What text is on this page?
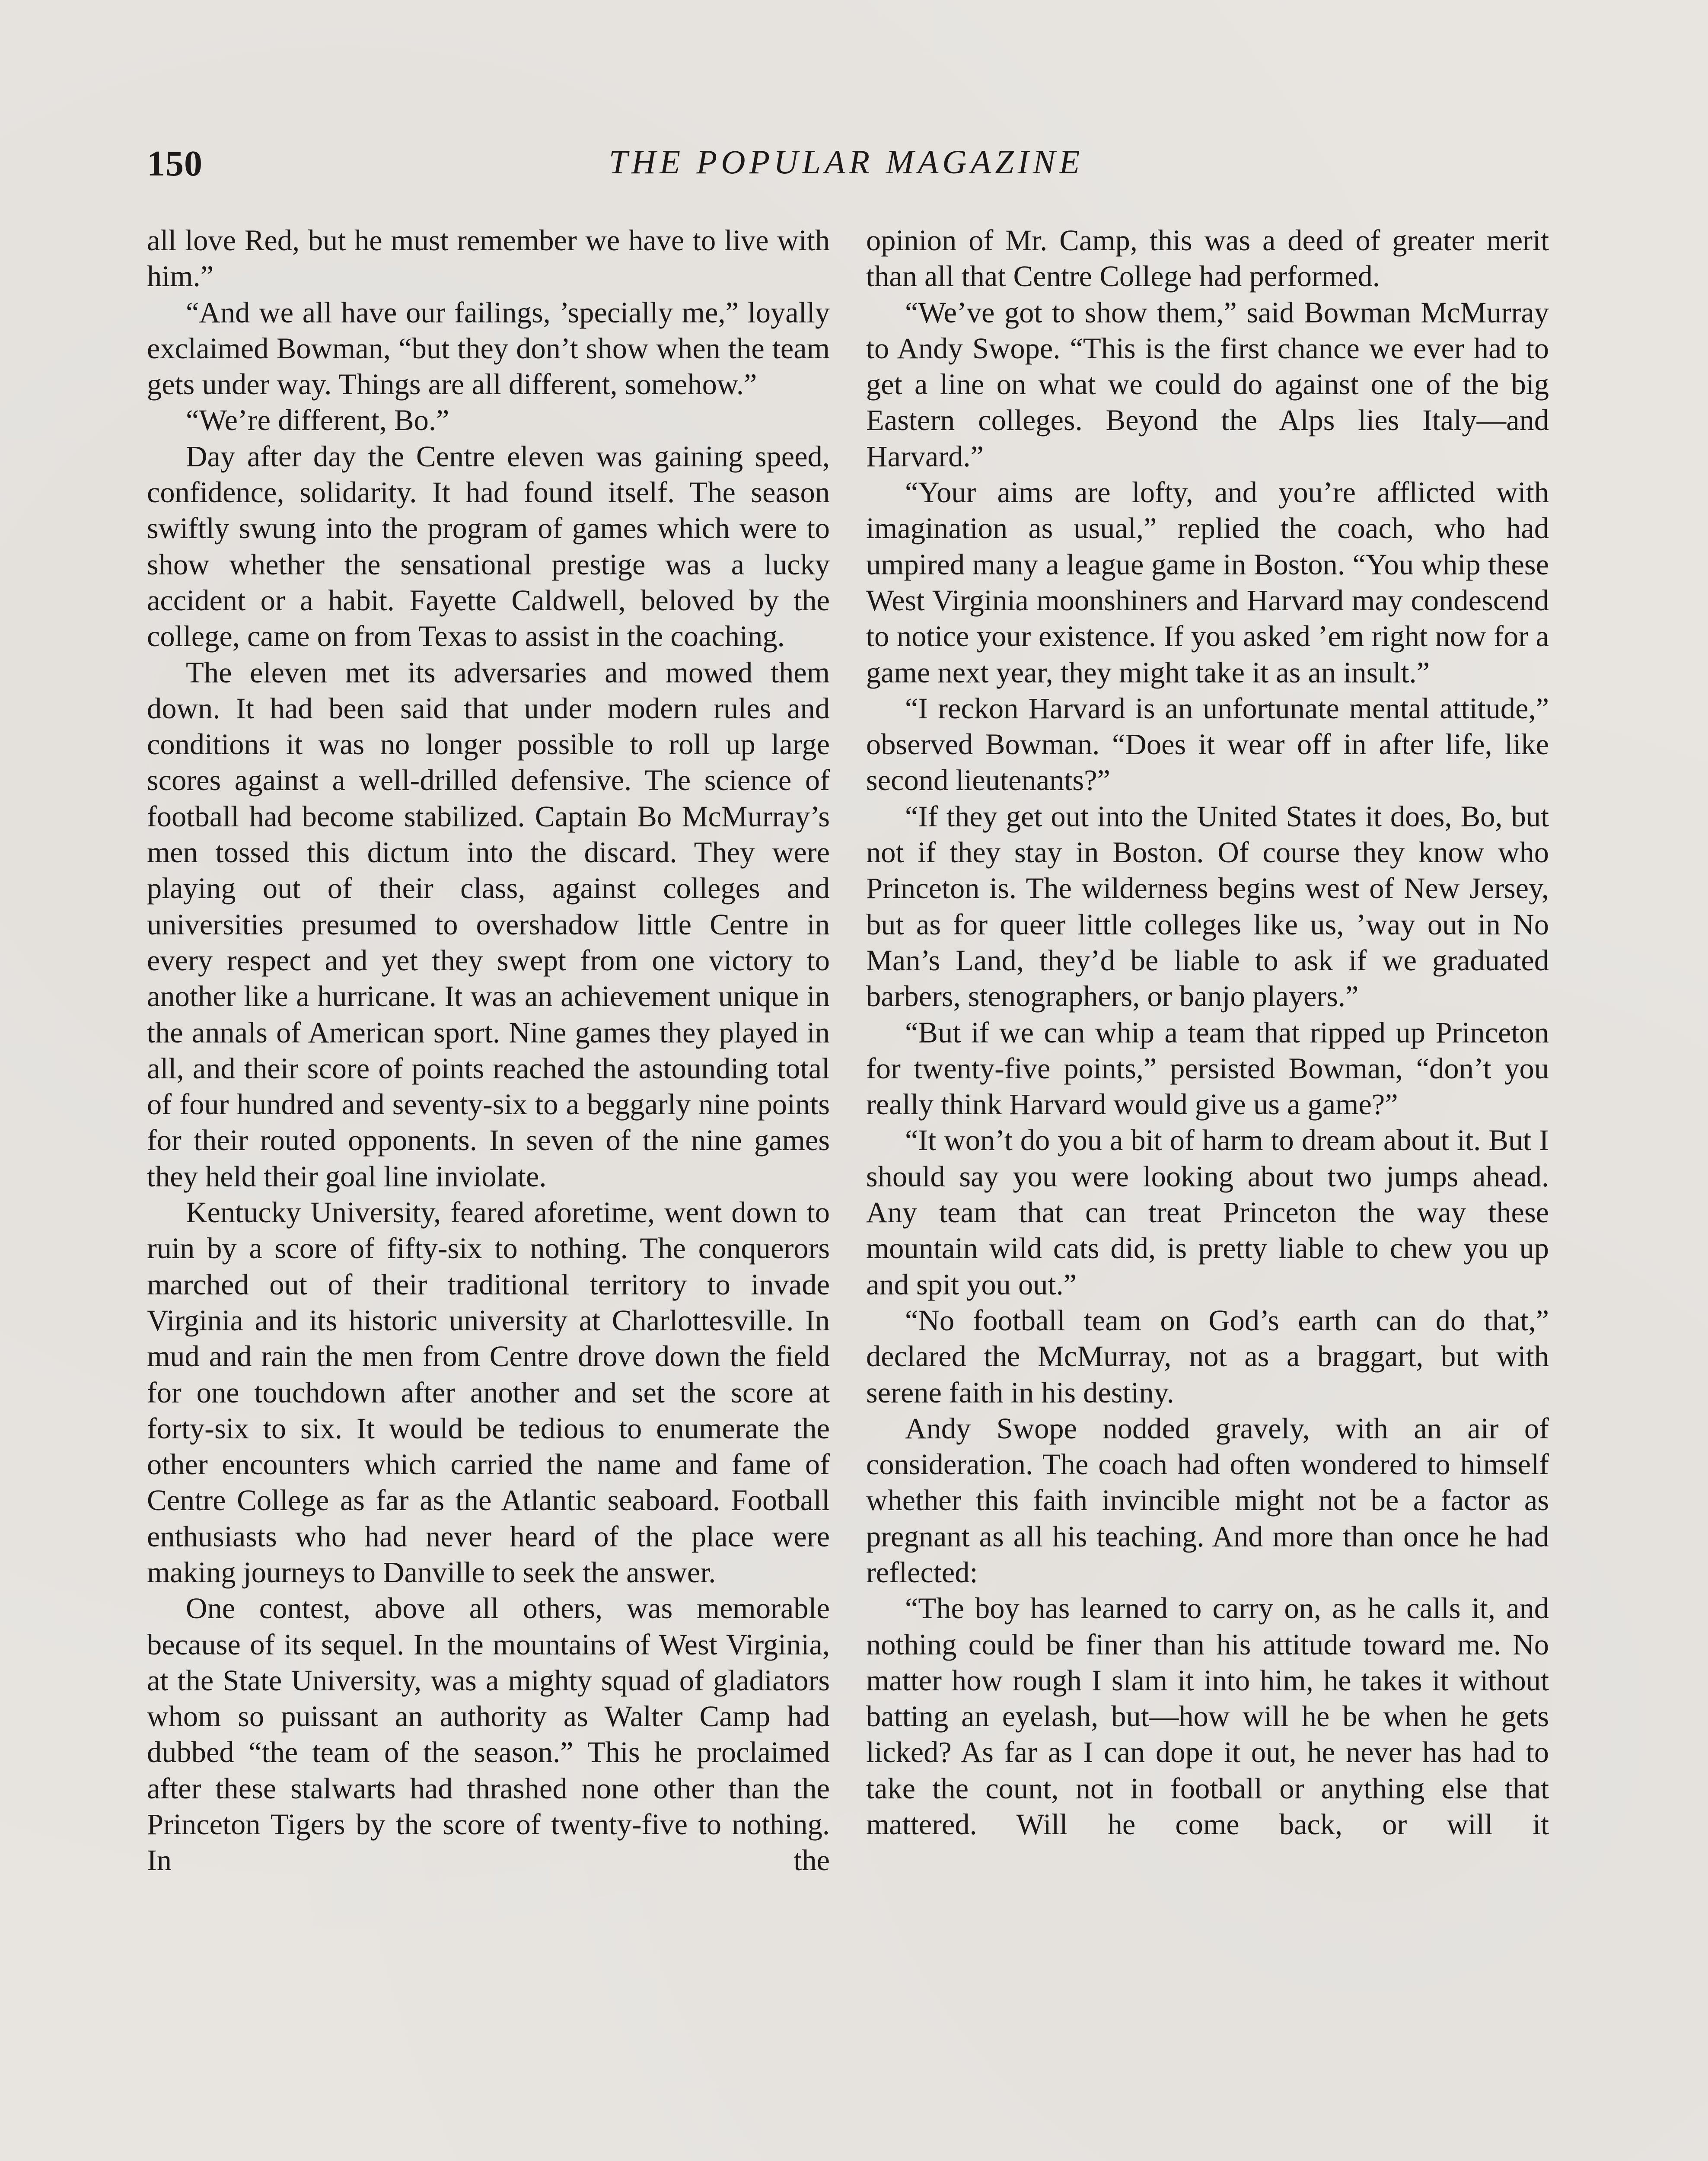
150	THE POPULAR MAGAZINE

all love Red, but he must remember we have to live with him.”

“And we all have our failings, ’specially me,” loyally exclaimed Bowman, “but they don’t show when the team gets under way. Things are all different, somehow.”

“We’re different, Bo.”

Day after day the Centre eleven was gaining speed, confidence, solidarity. It had found itself. The season swiftly swung into the program of games which were to show whether the sensational prestige was a lucky accident or a habit. Fayette Caldwell, beloved by the college, came on from Texas to assist in the coaching.

The eleven met its adversaries and mowed them down. It had been said that under modern rules and conditions it was no longer possible to roll up large scores against a well-drilled defensive. The science of football had become stabilized. Captain Bo McMurray’s men tossed this dictum into the discard. They were playing out of their class, against colleges and universities presumed to overshadow little Centre in every respect and yet they swept from one victory to another like a hurricane. It was an achievement unique in the annals of American sport. Nine games they played in all, and their score of points reached the astounding total of four hundred and seventy-six to a beggarly nine points for their routed opponents. In seven of the nine games they held their goal line inviolate.

Kentucky University, feared aforetime, went down to ruin by a score of fifty-six to nothing. The conquerors marched out of their traditional territory to invade Virginia and its historic university at Charlottesville. In mud and rain the men from Centre drove down the field for one touchdown after another and set the score at forty-six to six. It would be tedious to enumerate the other encounters which carried the name and fame of Centre College as far as the Atlantic seaboard. Football enthusiasts who had never heard of the place were making journeys to Danville to seek the answer.

One contest, above all others, was memorable because of its sequel. In the mountains of West Virginia, at the State University, was a mighty squad of gladiators whom so puissant an authority as Walter Camp had dubbed “the team of the season.” This he proclaimed after these stalwarts had thrashed none other than the Princeton Tigers by the score of twenty-five to nothing. In the

opinion of Mr. Camp, this was a deed of greater merit than all that Centre College had performed.

“We’ve got to show them,” said Bowman McMurray to Andy Swope. “This is the first chance we ever had to get a line on what we could do against one of the big Eastern colleges. Beyond the Alps lies Italy—and Harvard.”

“Your aims are lofty, and you’re afflicted with imagination as usual,” replied the coach, who had umpired many a league game in Boston. “You whip these West Virginia moonshiners and Harvard may condescend to notice your existence. If you asked ’em right now for a game next year, they might take it as an insult.”

“I reckon Harvard is an unfortunate mental attitude,” observed Bowman. “Does it wear off in after life, like second lieutenants?”

“If they get out into the United States it does, Bo, but not if they stay in Boston. Of course they know who Princeton is. The wilderness begins west of New Jersey, but as for queer little colleges like us, ’way out in No Man’s Land, they’d be liable to ask if we graduated barbers, stenographers, or banjo players.”

“But if we can whip a team that ripped up Princeton for twenty-five points,” persisted Bowman, “don’t you really think Harvard would give us a game?”

“It won’t do you a bit of harm to dream about it. But I should say you were looking about two jumps ahead. Any team that can treat Princeton the way these mountain wild cats did, is pretty liable to chew you up and spit you out.”

“No football team on God’s earth can do that,” declared the McMurray, not as a braggart, but with serene faith in his destiny.

Andy Swope nodded gravely, with an air of consideration. The coach had often wondered to himself whether this faith invincible might not be a factor as pregnant as all his teaching. And more than once he had reflected:

“The boy has learned to carry on, as he calls it, and nothing could be finer than his attitude toward me. No matter how rough I slam it into him, he takes it without batting an eyelash, but—how will he be when he gets licked? As far as I can dope it out, he never has had to take the count, not in football or anything else that mattered. Will he come back, or will it
